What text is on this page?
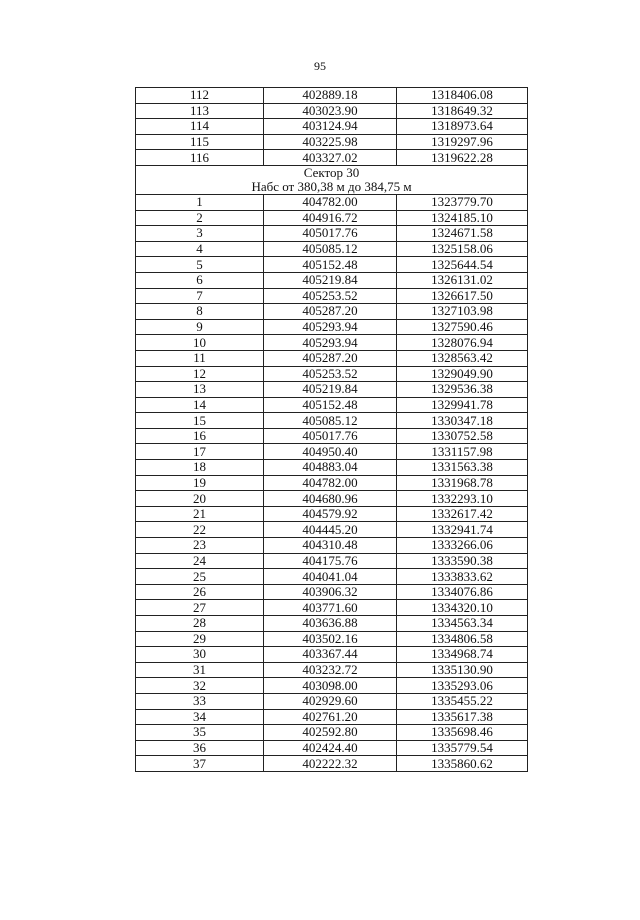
95
112	402889.18	1318406.08
113	403023.90	1318649.32
114	403124.94	1318973.64
115	403225.98	1319297.96
116	403327.02	1319622.28

Сектор 30
Набс от 380,38 м до 384,75 м		

1	404782.00	1323779.70
2	404916.72	1324185.10
3	405017.76	1324671.58
4	405085.12	1325158.06
5	405152.48	1325644.54
6	405219.84	1326131.02
7	405253.52	1326617.50
8	405287.20	1327103.98
9	405293.94	1327590.46
10	405293.94	1328076.94
11	405287.20	1328563.42
12	405253.52	1329049.90
13	405219.84	1329536.38
14	405152.48	1329941.78
15	405085.12	1330347.18
16	405017.76	1330752.58
17	404950.40	1331157.98
18	404883.04	1331563.38
19	404782.00	1331968.78
20	404680.96	1332293.10
21	404579.92	1332617.42
22	404445.20	1332941.74
23	404310.48	1333266.06
24	404175.76	1333590.38
25	404041.04	1333833.62
26	403906.32	1334076.86
27	403771.60	1334320.10
28	403636.88	1334563.34
29	403502.16	1334806.58
30	403367.44	1334968.74
31	403232.72	1335130.90
32	403098.00	1335293.06
33	402929.60	1335455.22
34	402761.20	1335617.38
35	402592.80	1335698.46
36	402424.40	1335779.54
37	402222.32	1335860.62
